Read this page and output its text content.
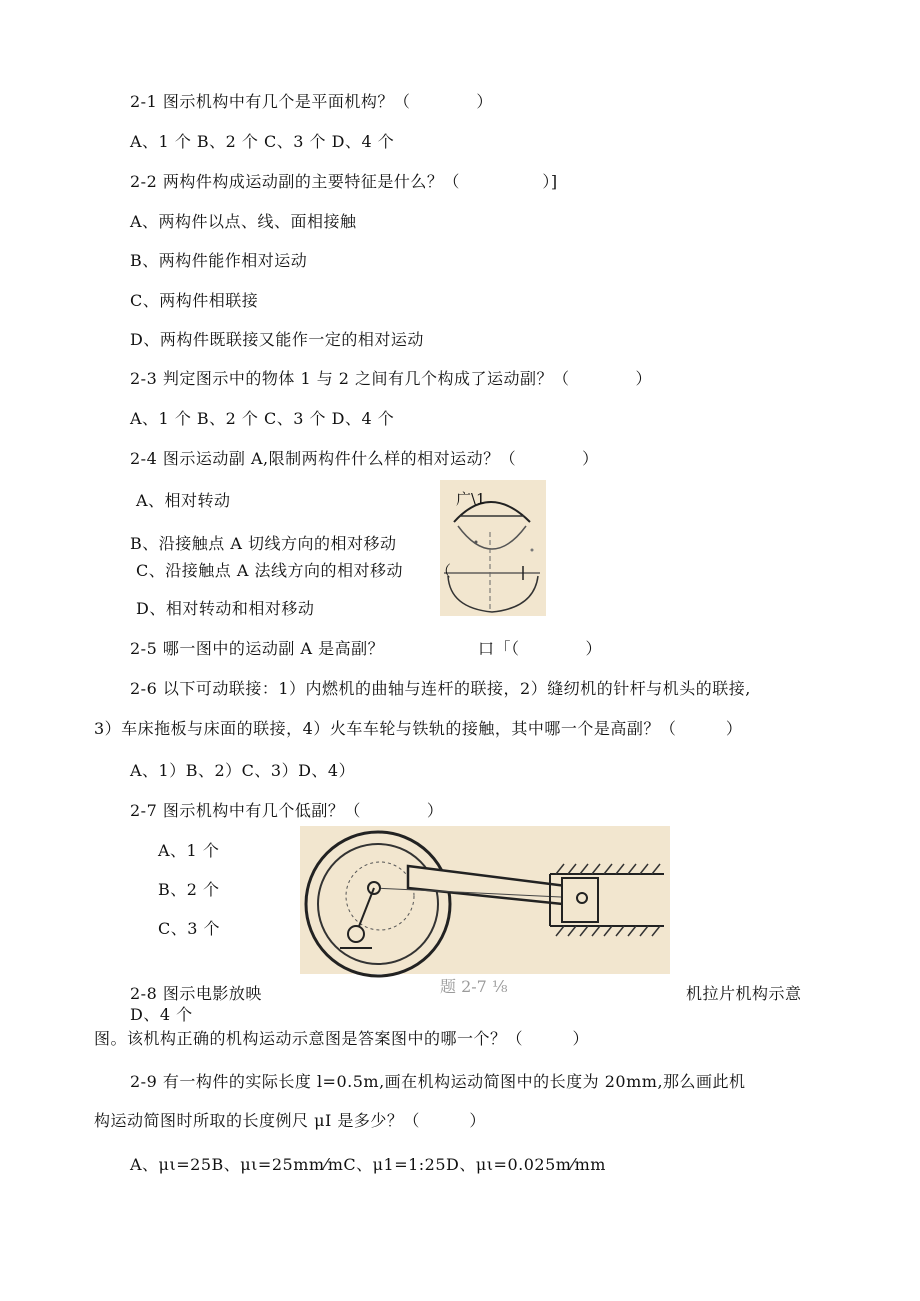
2-1 图示机构中有几个是平面机构？（　　　　）
A、1 个 B、2 个 C、3 个 D、4 个
2-2 两构件构成运动副的主要特征是什么？（　　　　　）]
A、两构件以点、线、面相接触
B、两构件能作相对运动
C、两构件相联接
D、两构件既联接又能作一定的相对运动
2-3 判定图示中的物体 1 与 2 之间有几个构成了运动副？（　　　　）
A、1 个 B、2 个 C、3 个 D、4 个
2-4 图示运动副 A,限制两构件什么样的相对运动？（　　　　）
A、相对转动
B、沿接触点 A 切线方向的相对移动
C、沿接触点 A 法线方向的相对移动
D、相对转动和相对移动
广\1
（
2-5 哪一图中的运动副 A 是高副？	口「（　　　　）
2-6 以下可动联接：1）内燃机的曲轴与连杆的联接，2）缝纫机的针杆与机头的联接,
3）车床拖板与床面的联接，4）火车车轮与铁轨的接触，其中哪一个是高副？（　　　）
A、1）B、2）C、3）D、4）
2-7 图示机构中有几个低副？（　　　　）
A、1 个
B、2 个
C、3 个
题 2-7 ⅛
2-8 图示电影放映	机拉片机构示意
D、4 个
图。该机构正确的机构运动示意图是答案图中的哪一个？（　　　）
2-9 有一构件的实际长度 l=0.5m,画在机构运动简图中的长度为 20mm,那么画此机
构运动简图时所取的长度例尺 μI 是多少？（　　　）
A、μι=25B、μι=25mm⁄mC、μ1=1:25D、μι=0.025m⁄mm
